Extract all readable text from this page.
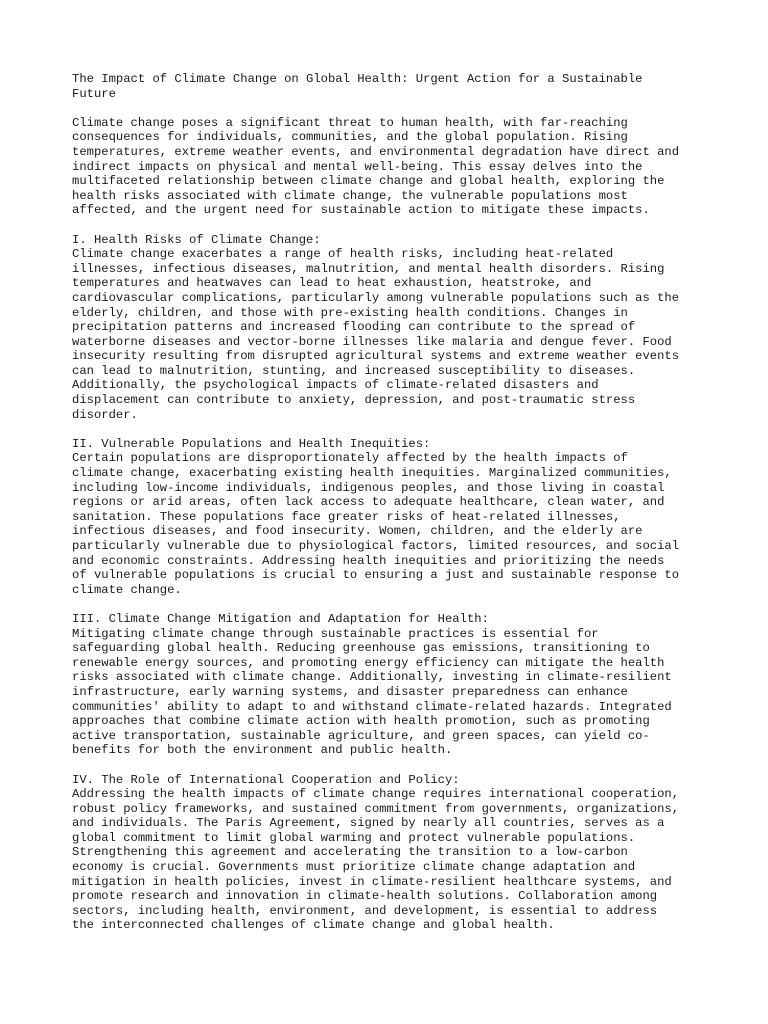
The Impact of Climate Change on Global Health: Urgent Action for a Sustainable
Future

Climate change poses a significant threat to human health, with far-reaching
consequences for individuals, communities, and the global population. Rising
temperatures, extreme weather events, and environmental degradation have direct and
indirect impacts on physical and mental well-being. This essay delves into the
multifaceted relationship between climate change and global health, exploring the
health risks associated with climate change, the vulnerable populations most
affected, and the urgent need for sustainable action to mitigate these impacts.

I. Health Risks of Climate Change:

Climate change exacerbates a range of health risks, including heat-related
illnesses, infectious diseases, malnutrition, and mental health disorders. Rising
temperatures and heatwaves can lead to heat exhaustion, heatstroke, and
cardiovascular complications, particularly among vulnerable populations such as the
elderly, children, and those with pre-existing health conditions. Changes in
precipitation patterns and increased flooding can contribute to the spread of
waterborne diseases and vector-borne illnesses like malaria and dengue fever. Food
insecurity resulting from disrupted agricultural systems and extreme weather events
can lead to malnutrition, stunting, and increased susceptibility to diseases.
Additionally, the psychological impacts of climate-related disasters and
displacement can contribute to anxiety, depression, and post-traumatic stress
disorder.

II. Vulnerable Populations and Health Inequities:

Certain populations are disproportionately affected by the health impacts of
climate change, exacerbating existing health inequities. Marginalized communities,
including low-income individuals, indigenous peoples, and those living in coastal
regions or arid areas, often lack access to adequate healthcare, clean water, and
sanitation. These populations face greater risks of heat-related illnesses,
infectious diseases, and food insecurity. Women, children, and the elderly are
particularly vulnerable due to physiological factors, limited resources, and social
and economic constraints. Addressing health inequities and prioritizing the needs
of vulnerable populations is crucial to ensuring a just and sustainable response to
climate change.

III. Climate Change Mitigation and Adaptation for Health:

Mitigating climate change through sustainable practices is essential for
safeguarding global health. Reducing greenhouse gas emissions, transitioning to
renewable energy sources, and promoting energy efficiency can mitigate the health
risks associated with climate change. Additionally, investing in climate-resilient
infrastructure, early warning systems, and disaster preparedness can enhance
communities' ability to adapt to and withstand climate-related hazards. Integrated
approaches that combine climate action with health promotion, such as promoting
active transportation, sustainable agriculture, and green spaces, can yield co-
benefits for both the environment and public health.

IV. The Role of International Cooperation and Policy:

Addressing the health impacts of climate change requires international cooperation,
robust policy frameworks, and sustained commitment from governments, organizations,
and individuals. The Paris Agreement, signed by nearly all countries, serves as a
global commitment to limit global warming and protect vulnerable populations.
Strengthening this agreement and accelerating the transition to a low-carbon
economy is crucial. Governments must prioritize climate change adaptation and
mitigation in health policies, invest in climate-resilient healthcare systems, and
promote research and innovation in climate-health solutions. Collaboration among
sectors, including health, environment, and development, is essential to address
the interconnected challenges of climate change and global health.
